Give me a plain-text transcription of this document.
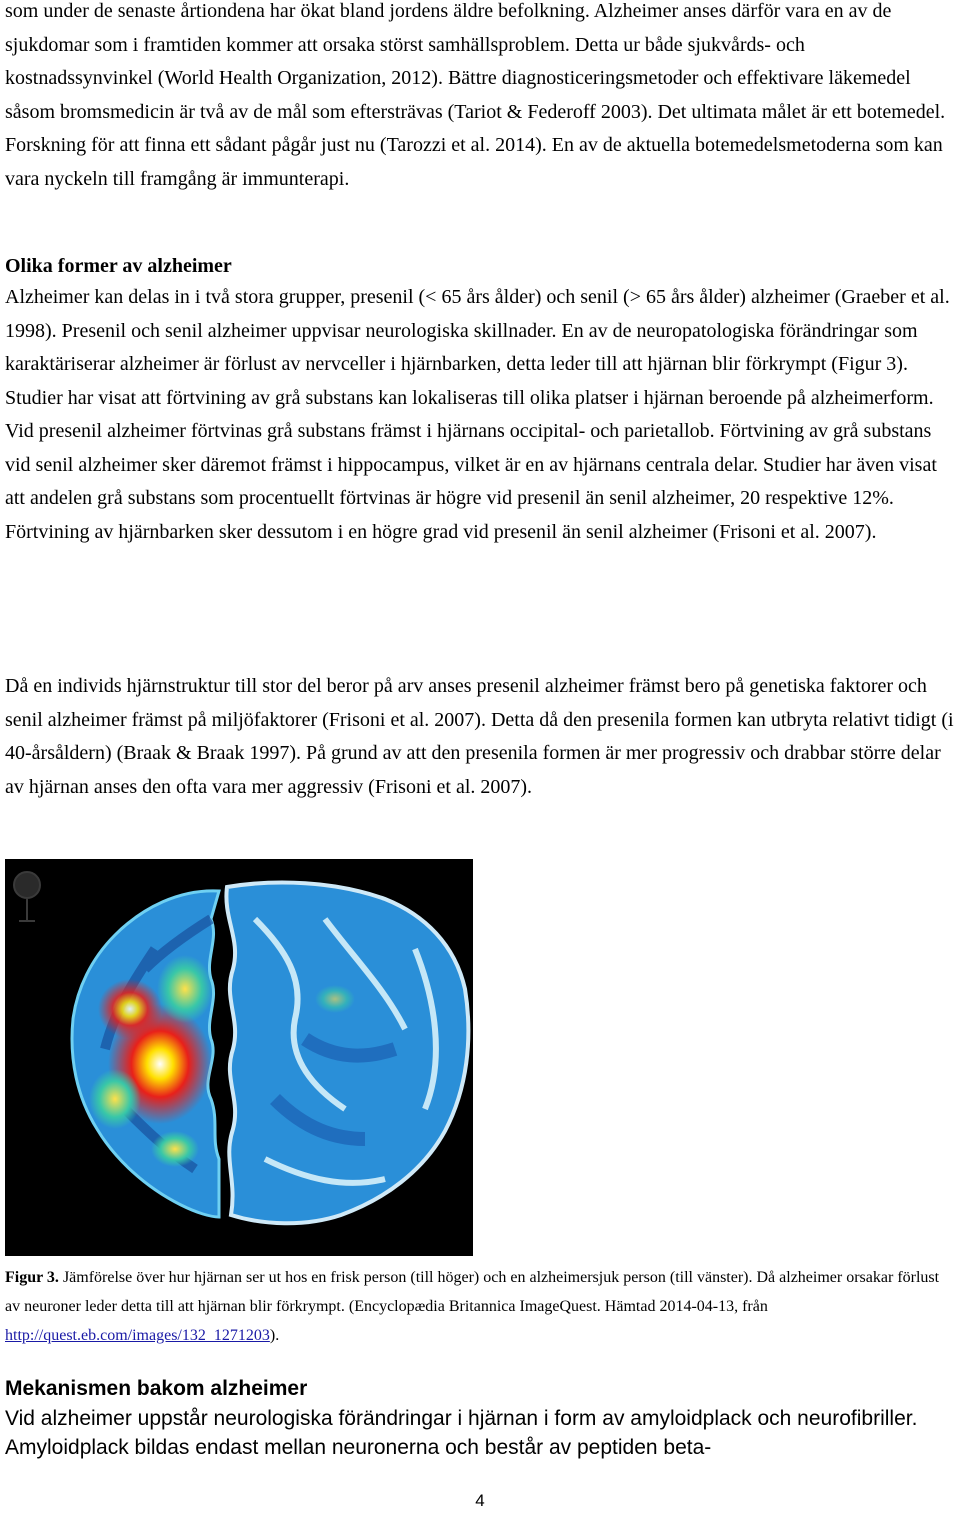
som under de senaste årtiondena har ökat bland jordens äldre befolkning. Alzheimer anses därför vara en av de sjukdomar som i framtiden kommer att orsaka störst samhällsproblem. Detta ur både sjukvårds- och kostnadssynvinkel (World Health Organization, 2012). Bättre diagnosticeringsmetoder och effektivare läkemedel såsom bromsmedicin är två av de mål som eftersträvas (Tariot & Federoff 2003). Det ultimata målet är ett botemedel. Forskning för att finna ett sådant pågår just nu (Tarozzi et al. 2014). En av de aktuella botemedelsmetoderna som kan vara nyckeln till framgång är immunterapi.

Olika former av alzheimer

Alzheimer kan delas in i två stora grupper, presenil (< 65 års ålder) och senil (> 65 års ålder) alzheimer (Graeber et al. 1998). Presenil och senil alzheimer uppvisar neurologiska skillnader. En av de neuropatologiska förändringar som karaktäriserar alzheimer är förlust av nervceller i hjärnbarken, detta leder till att hjärnan blir förkrympt (Figur 3). Studier har visat att förtvining av grå substans kan lokaliseras till olika platser i hjärnan beroende på alzheimerform. Vid presenil alzheimer förtvinas grå substans främst i hjärnans occipital- och parietallob. Förtvining av grå substans vid senil alzheimer sker däremot främst i hippocampus, vilket är en av hjärnans centrala delar. Studier har även visat att andelen grå substans som procentuellt förtvinas är högre vid presenil än senil alzheimer, 20 respektive 12%. Förtvining av hjärnbarken sker dessutom i en högre grad vid presenil än senil alzheimer (Frisoni et al. 2007).

Då en individs hjärnstruktur till stor del beror på arv anses presenil alzheimer främst bero på genetiska faktorer och senil alzheimer främst på miljöfaktorer (Frisoni et al. 2007). Detta då den presenila formen kan utbryta relativt tidigt (i 40-årsåldern) (Braak & Braak 1997). På grund av att den presenila formen är mer progressiv och drabbar större delar av hjärnan anses den ofta vara mer aggressiv (Frisoni et al. 2007).

Figur 3. Jämförelse över hur hjärnan ser ut hos en frisk person (till höger) och en alzheimersjuk person (till vänster). Då alzheimer orsakar förlust av neuroner leder detta till att hjärnan blir förkrympt. (Encyclopædia Britannica ImageQuest. Hämtad 2014-04-13, från http://quest.eb.com/images/132_1271203).

Mekanismen bakom alzheimer

Vid alzheimer uppstår neurologiska förändringar i hjärnan i form av amyloidplack och neurofibriller. Amyloidplack bildas endast mellan neuronerna och består av peptiden beta-

4
